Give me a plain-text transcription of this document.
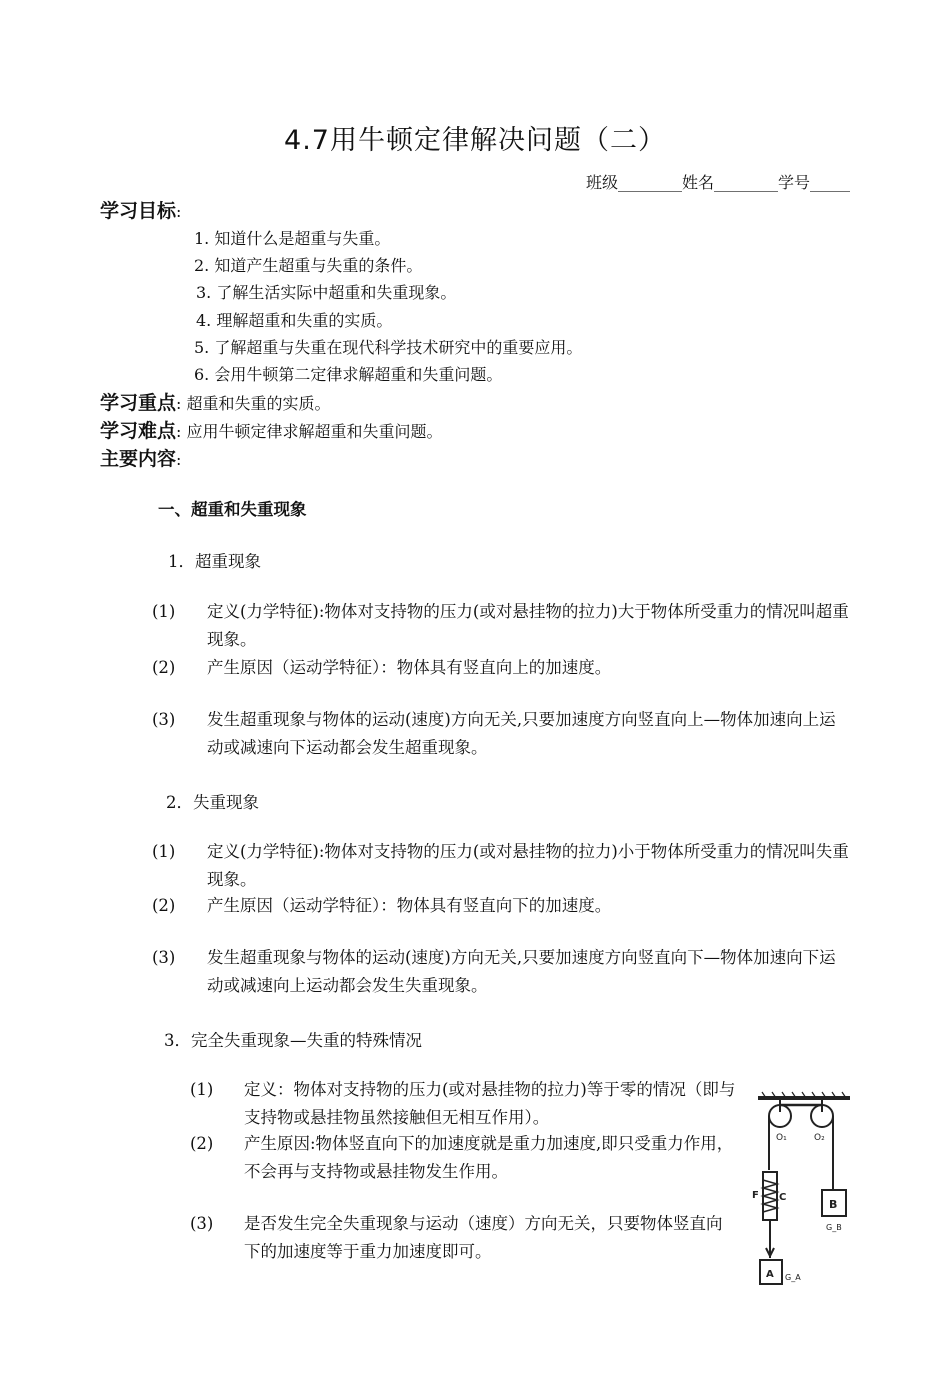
4.7用牛顿定律解决问题（二）
班级________姓名________学号_____
学习目标:
1. 知道什么是超重与失重。
2. 知道产生超重与失重的条件。
3. 了解生活实际中超重和失重现象。
4. 理解超重和失重的实质。
5. 了解超重与失重在现代科学技术研究中的重要应用。
6. 会用牛顿第二定律求解超重和失重问题。
学习重点: 超重和失重的实质。
学习难点: 应用牛顿定律求解超重和失重问题。
主要内容:
一、超重和失重现象
1．超重现象
(1) 定义(力学特征):物体对支持物的压力(或对悬挂物的拉力)大于物体所受重力的情况叫超重现象。
(2) 产生原因（运动学特征）：物体具有竖直向上的加速度。
(3) 发生超重现象与物体的运动(速度)方向无关,只要加速度方向竖直向上—物体加速向上运动或减速向下运动都会发生超重现象。
2．失重现象
(1) 定义(力学特征):物体对支持物的压力(或对悬挂物的拉力)小于物体所受重力的情况叫失重现象。
(2) 产生原因（运动学特征）：物体具有竖直向下的加速度。
(3) 发生超重现象与物体的运动(速度)方向无关,只要加速度方向竖直向下—物体加速向下运动或减速向上运动都会发生失重现象。
3．完全失重现象—失重的特殊情况
(1) 定义：物体对支持物的压力(或对悬挂物的拉力)等于零的情况（即与支持物或悬挂物虽然接触但无相互作用）。
(2) 产生原因:物体竖直向下的加速度就是重力加速度,即只受重力作用，不会再与支持物或悬挂物发生作用。
(3) 是否发生完全失重现象与运动（速度）方向无关，只要物体竖直向下的加速度等于重力加速度即可。
O₁	O₂
F C
B
G_B
A G_A
